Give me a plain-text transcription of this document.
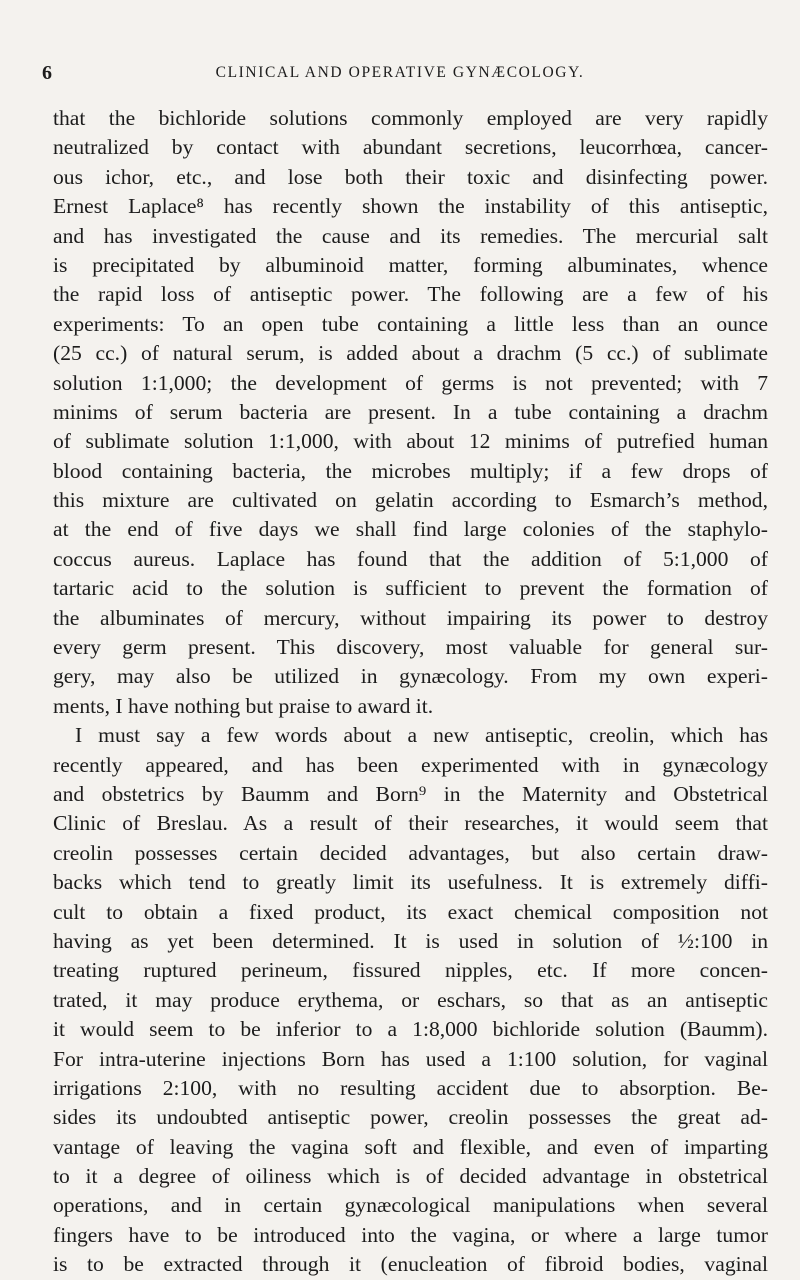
6	CLINICAL AND OPERATIVE GYNÆCOLOGY.

that the bichloride solutions commonly employed are very rapidly
neutralized by contact with abundant secretions, leucorrhœa, cancer-
ous ichor, etc., and lose both their toxic and disinfecting power.
Ernest Laplace⁸ has recently shown the instability of this antiseptic,
and has investigated the cause and its remedies. The mercurial salt
is precipitated by albuminoid matter, forming albuminates, whence
the rapid loss of antiseptic power. The following are a few of his
experiments: To an open tube containing a little less than an ounce
(25 cc.) of natural serum, is added about a drachm (5 cc.) of sublimate
solution 1:1,000; the development of germs is not prevented; with 7
minims of serum bacteria are present. In a tube containing a drachm
of sublimate solution 1:1,000, with about 12 minims of putrefied human
blood containing bacteria, the microbes multiply; if a few drops of
this mixture are cultivated on gelatin according to Esmarch’s method,
at the end of five days we shall find large colonies of the staphylo-
coccus aureus. Laplace has found that the addition of 5:1,000 of
tartaric acid to the solution is sufficient to prevent the formation of
the albuminates of mercury, without impairing its power to destroy
every germ present. This discovery, most valuable for general sur-
gery, may also be utilized in gynæcology. From my own experi-
ments, I have nothing but praise to award it.

I must say a few words about a new antiseptic, creolin, which has
recently appeared, and has been experimented with in gynæcology
and obstetrics by Baumm and Born⁹ in the Maternity and Obstetrical
Clinic of Breslau. As a result of their researches, it would seem that
creolin possesses certain decided advantages, but also certain draw-
backs which tend to greatly limit its usefulness. It is extremely diffi-
cult to obtain a fixed product, its exact chemical composition not
having as yet been determined. It is used in solution of ½:100 in
treating ruptured perineum, fissured nipples, etc. If more concen-
trated, it may produce erythema, or eschars, so that as an antiseptic
it would seem to be inferior to a 1:8,000 bichloride solution (Baumm).
For intra-uterine injections Born has used a 1:100 solution, for vaginal
irrigations 2:100, with no resulting accident due to absorption. Be-
sides its undoubted antiseptic power, creolin possesses the great ad-
vantage of leaving the vagina soft and flexible, and even of imparting
to it a degree of oiliness which is of decided advantage in obstetrical
operations, and in certain gynæcological manipulations when several
fingers have to be introduced into the vagina, or where a large tumor
is to be extracted through it (enucleation of fibroid bodies, vaginal
